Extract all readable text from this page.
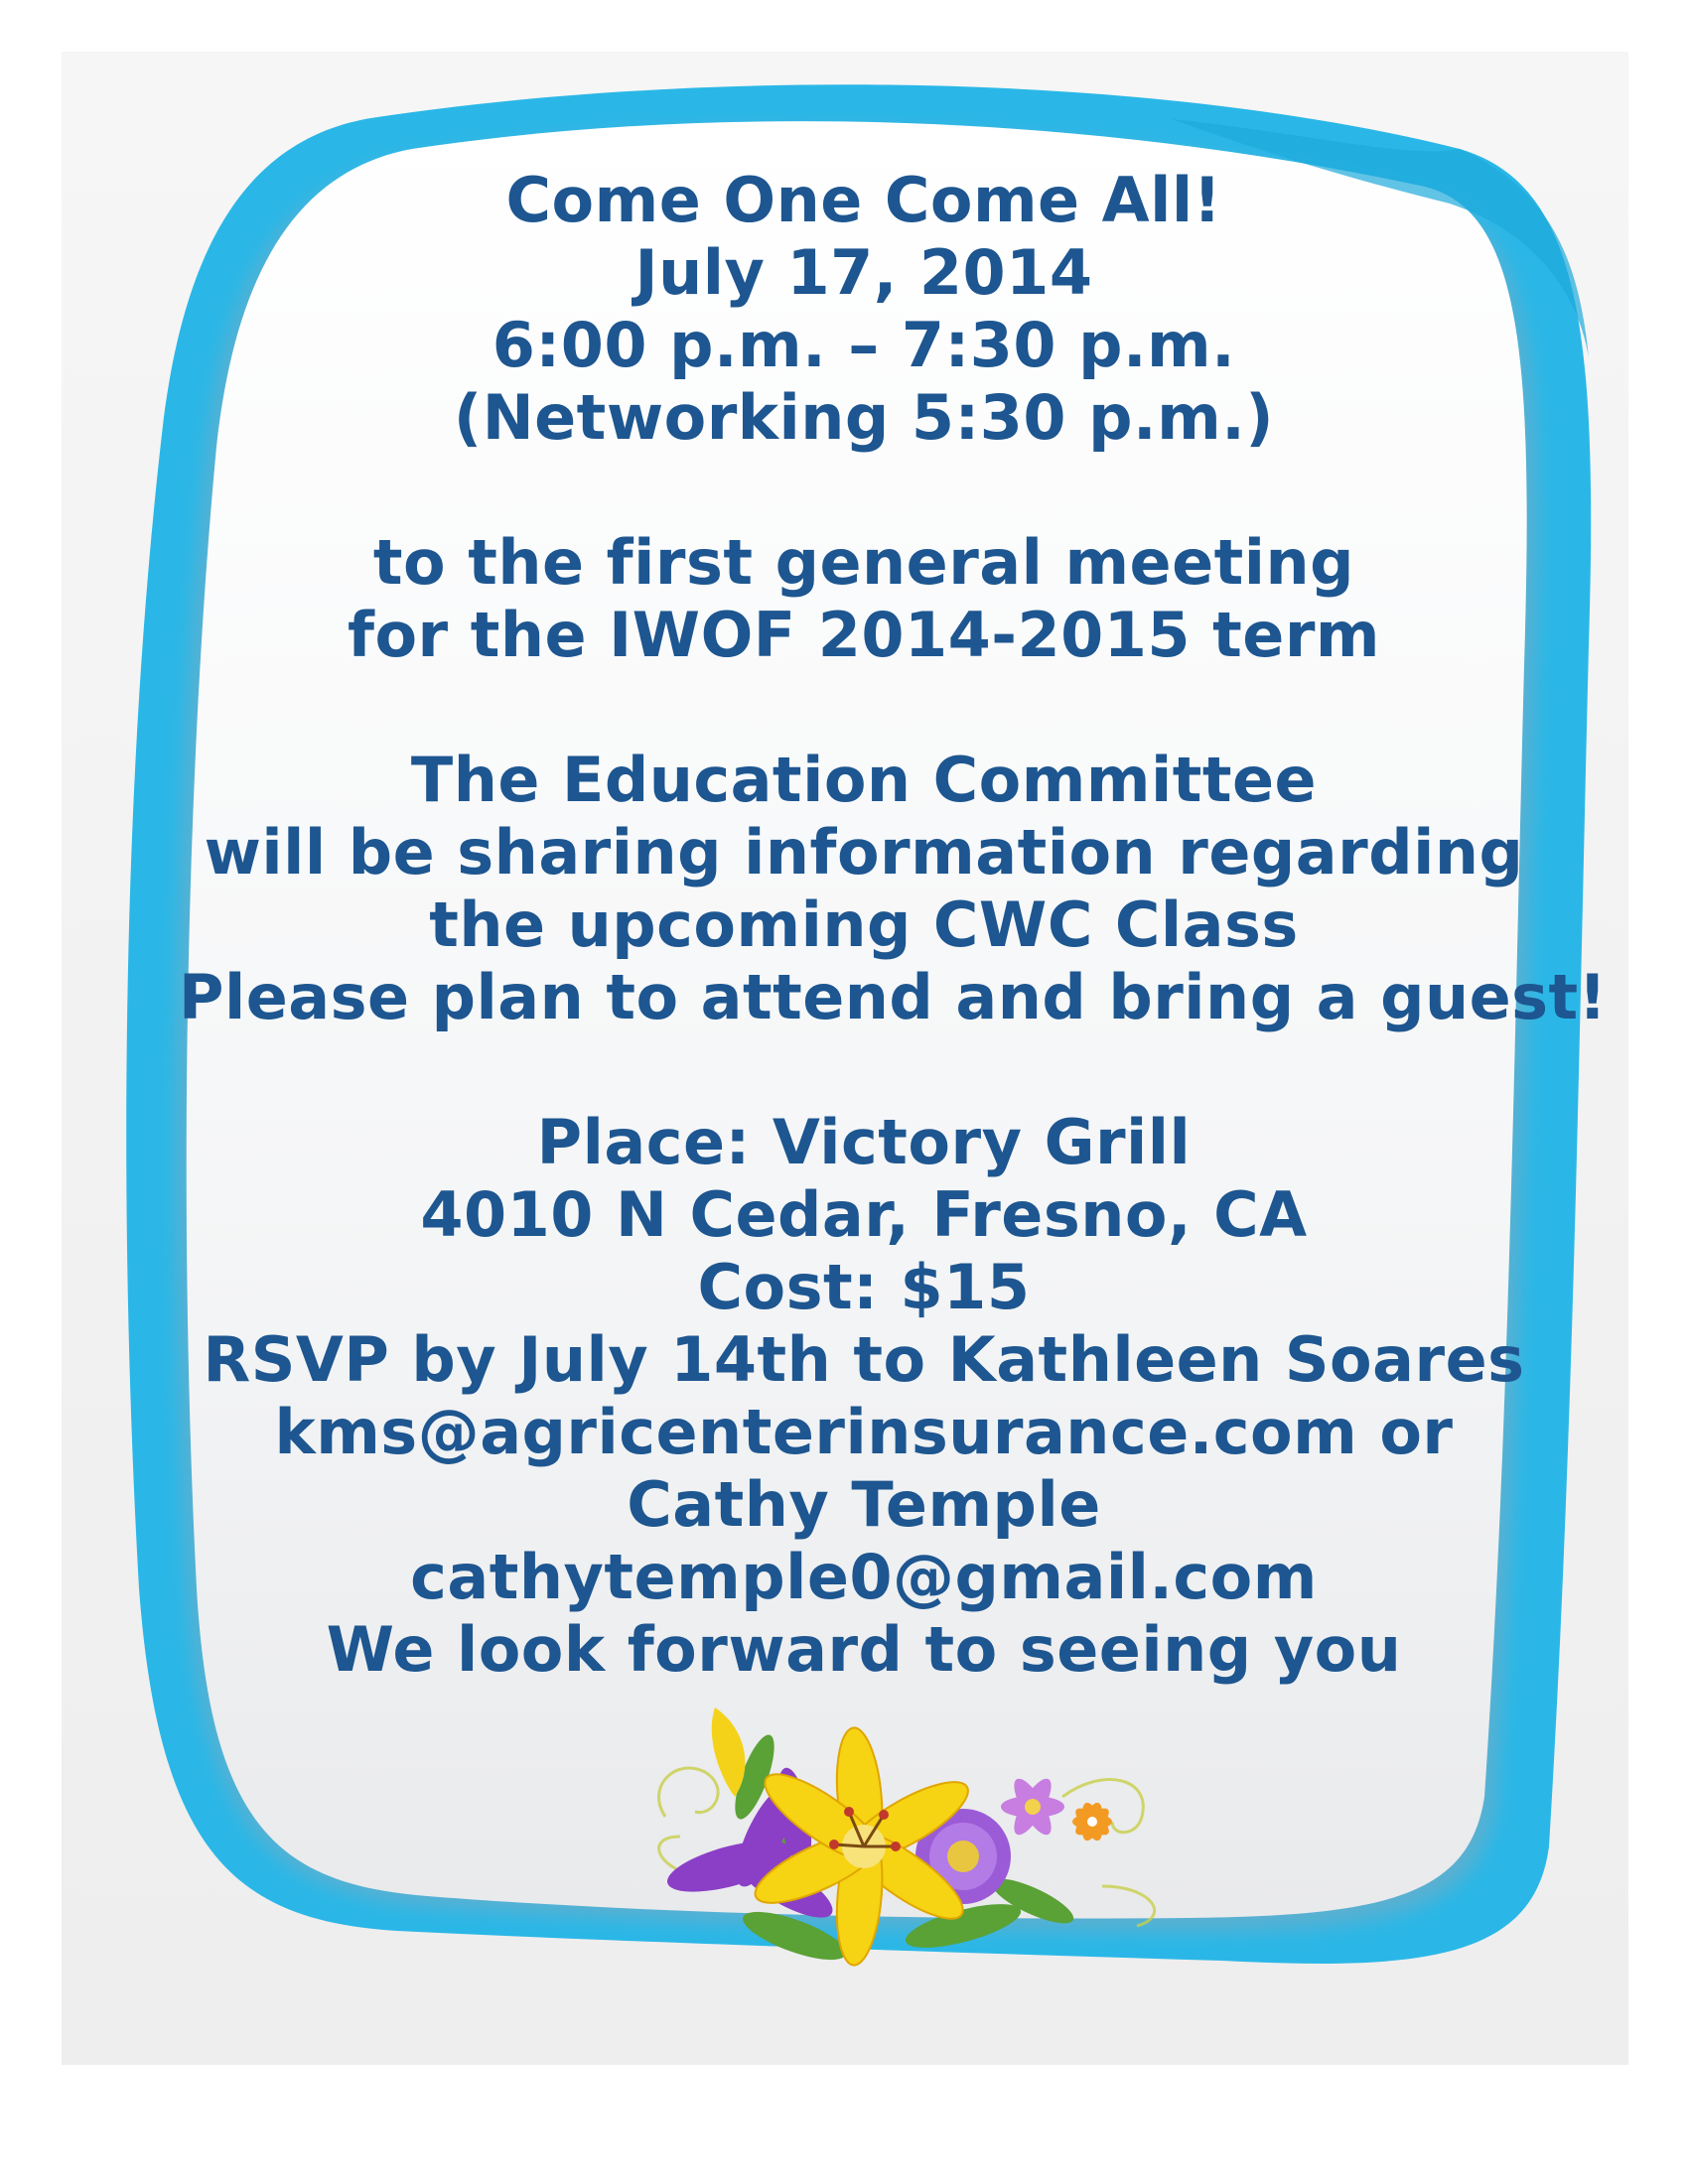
Come One Come All!
July 17, 2014
6:00 p.m. – 7:30 p.m.
(Networking 5:30 p.m.)
to the first general meeting
for the IWOF 2014-2015 term
The Education Committee
will be sharing information regarding
the upcoming CWC Class
Please plan to attend and bring a guest!
Place: Victory Grill
4010 N Cedar, Fresno, CA
Cost: $15
RSVP by July 14th to Kathleen Soares
kms@agricenterinsurance.com or
Cathy Temple
cathytemple0@gmail.com
We look forward to seeing you
